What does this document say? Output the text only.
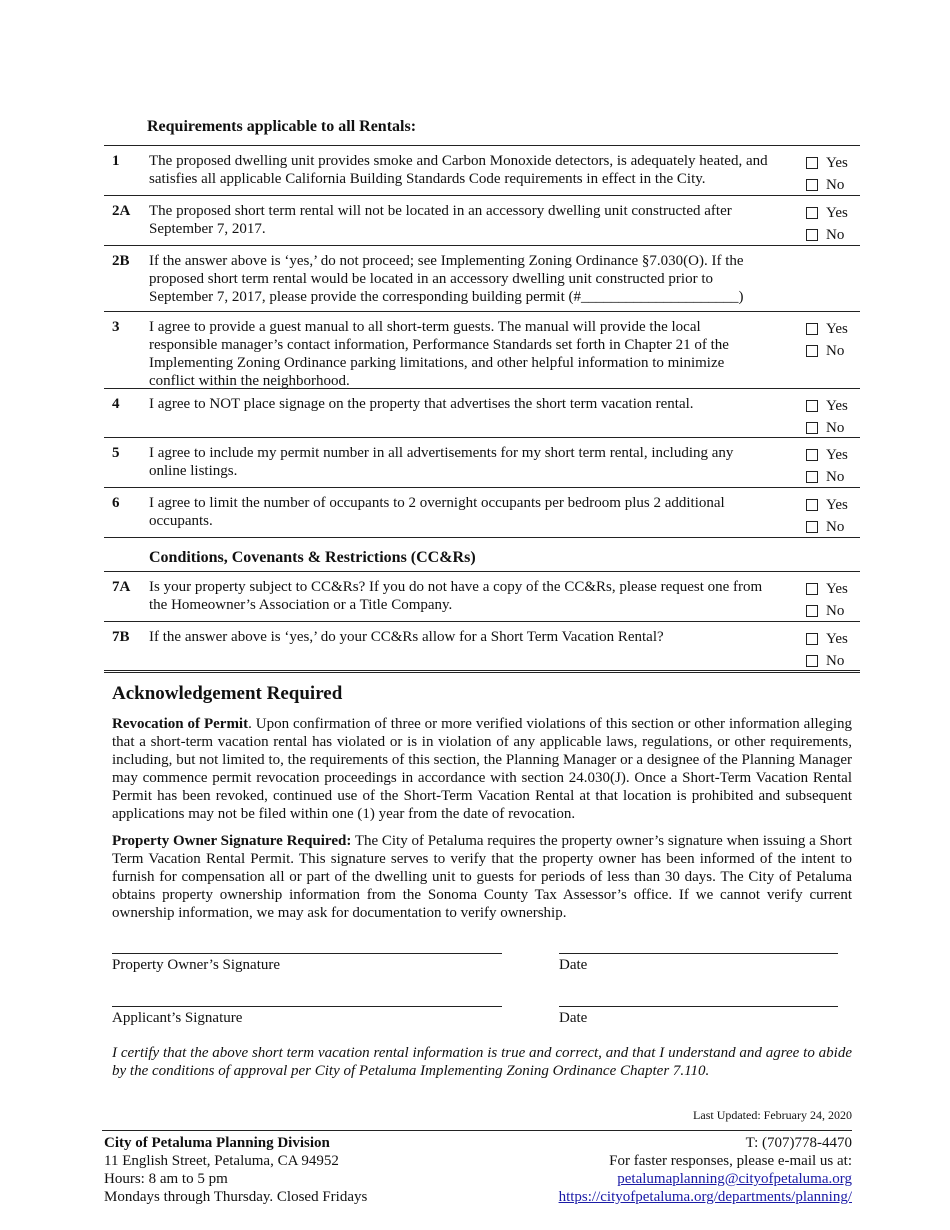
Requirements applicable to all Rentals:
1 The proposed dwelling unit provides smoke and Carbon Monoxide detectors, is adequately heated, and satisfies all applicable California Building Standards Code requirements in effect in the City.
Yes
No
2A The proposed short term rental will not be located in an accessory dwelling unit constructed after September 7, 2017.
Yes
No
2B If the answer above is ‘yes,’ do not proceed; see Implementing Zoning Ordinance §7.030(O). If the proposed short term rental would be located in an accessory dwelling unit constructed prior to September 7, 2017, please provide the corresponding building permit (#_____________________)
3 I agree to provide a guest manual to all short-term guests. The manual will provide the local responsible manager’s contact information, Performance Standards set forth in Chapter 21 of the Implementing Zoning Ordinance parking limitations, and other helpful information to minimize conflict within the neighborhood.
Yes
No
4 I agree to NOT place signage on the property that advertises the short term vacation rental.	Yes
No
5 I agree to include my permit number in all advertisements for my short term rental, including any online listings.
Yes
No
6 I agree to limit the number of occupants to 2 overnight occupants per bedroom plus 2 additional occupants.
Yes
No
Conditions, Covenants & Restrictions (CC&Rs)
7A Is your property subject to CC&Rs? If you do not have a copy of the CC&Rs, please request one from the Homeowner’s Association or a Title Company.
Yes
No
7B If the answer above is ‘yes,’ do your CC&Rs allow for a Short Term Vacation Rental?	Yes
No
Acknowledgement Required
Revocation of Permit. Upon confirmation of three or more verified violations of this section or other information alleging that a short-term vacation rental has violated or is in violation of any applicable laws, regulations, or other requirements, including, but not limited to, the requirements of this section, the Planning Manager or a designee of the Planning Manager may commence permit revocation proceedings in accordance with section 24.030(J). Once a Short-Term Vacation Rental Permit has been revoked, continued use of the Short-Term Vacation Rental at that location is prohibited and subsequent applications may not be filed within one (1) year from the date of revocation.
Property Owner Signature Required: The City of Petaluma requires the property owner’s signature when issuing a Short Term Vacation Rental Permit. This signature serves to verify that the property owner has been informed of the intent to furnish for compensation all or part of the dwelling unit to guests for periods of less than 30 days. The City of Petaluma obtains property ownership information from the Sonoma County Tax Assessor’s office. If we cannot verify current ownership information, we may ask for documentation to verify ownership.
Property Owner’s Signature	Date
Applicant’s Signature	Date
I certify that the above short term vacation rental information is true and correct, and that I understand and agree to abide by the conditions of approval per City of Petaluma Implementing Zoning Ordinance Chapter 7.110.
Last Updated: February 24, 2020
City of Petaluma Planning Division
11 English Street, Petaluma, CA 94952
Hours: 8 am to 5 pm
Mondays through Thursday. Closed Fridays
T: (707)778-4470
For faster responses, please e-mail us at:
petalumaplanning@cityofpetaluma.org
https://cityofpetaluma.org/departments/planning/
